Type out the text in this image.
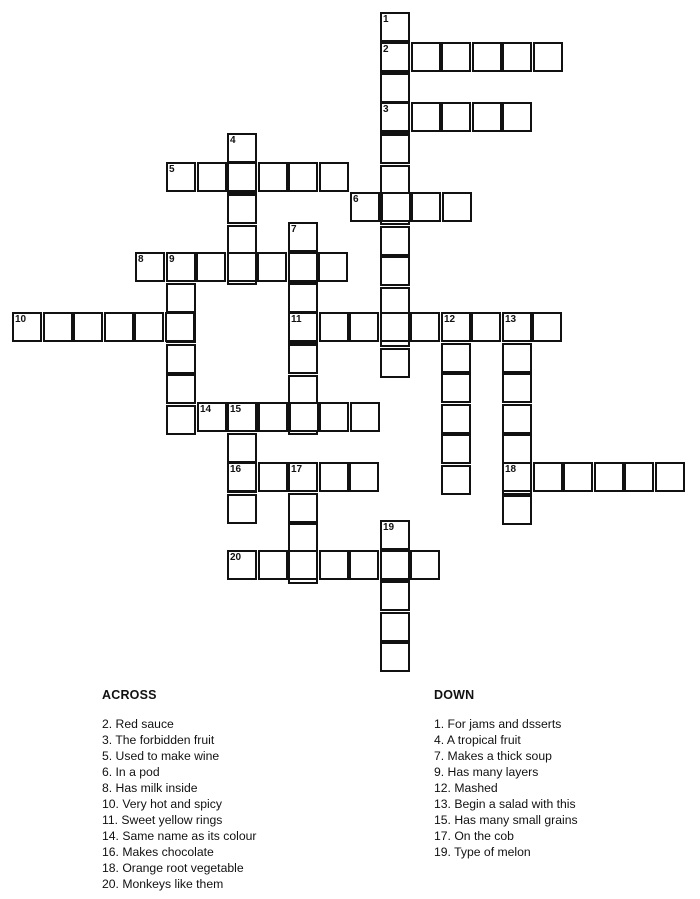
1
2
3
4
5
6
7
8	9
10	11	12	13
14 15
16	17	18
19
20
ACROSS
2. Red sauce
3. The forbidden fruit
5. Used to make wine
6. In a pod
8. Has milk inside
10. Very hot and spicy
11. Sweet yellow rings
14. Same name as its colour
16. Makes chocolate
18. Orange root vegetable
20. Monkeys like them
DOWN
1. For jams and dsserts
4. A tropical fruit
7. Makes a thick soup
9. Has many layers
12. Mashed
13. Begin a salad with this
15. Has many small grains
17. On the cob
19. Type of melon
